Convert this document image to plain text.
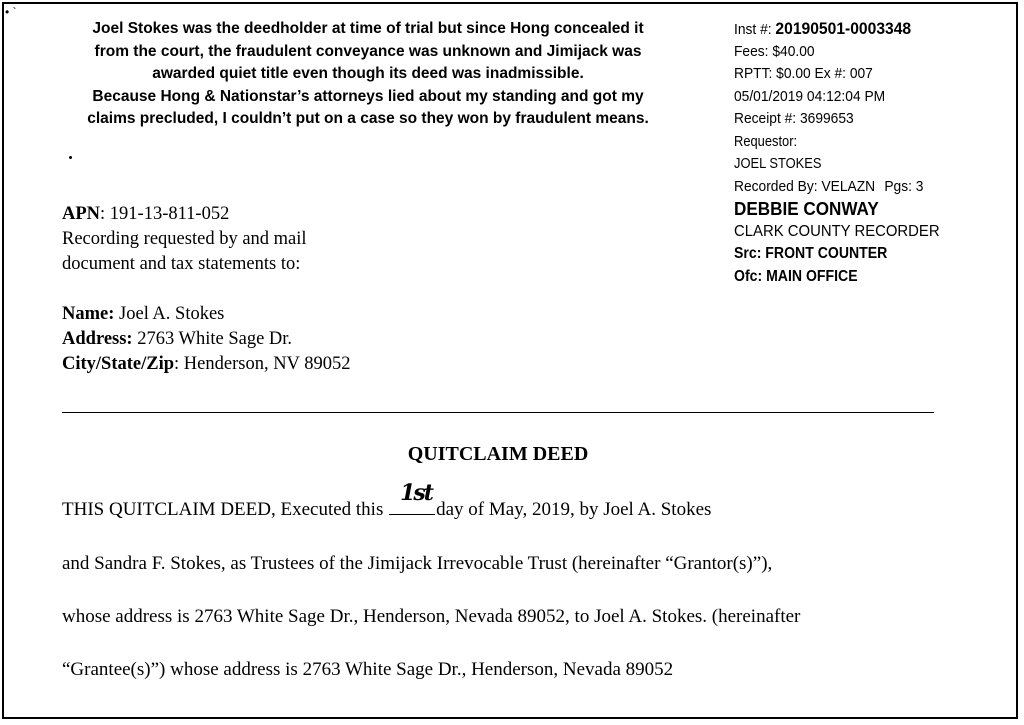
• `
Joel Stokes was the deedholder at time of trial but since Hong concealed it
from the court, the fraudulent conveyance was unknown and Jimijack was
awarded quiet title even though its deed was inadmissible.
Because Hong & Nationstar’s attorneys lied about my standing and got my
claims precluded, I couldn’t put on a case so they won by fraudulent means.
Inst #: 20190501-0003348
Fees: $40.00
RPTT: $0.00 Ex #: 007
05/01/2019 04:12:04 PM
Receipt #: 3699653
Requestor:
JOEL STOKES
Recorded By: VELAZN Pgs: 3
DEBBIE CONWAY
CLARK COUNTY RECORDER
Src: FRONT COUNTER
Ofc: MAIN OFFICE
APN: 191-13-811-052
Recording requested by and mail
document and tax statements to:
Name: Joel A. Stokes
Address: 2763 White Sage Dr.
City/State/Zip: Henderson, NV 89052
QUITCLAIM DEED
THIS QUITCLAIM DEED, Executed this
1st
day of May, 2019, by Joel A. Stokes
and Sandra F. Stokes, as Trustees of the Jimijack Irrevocable Trust (hereinafter “Grantor(s)”),
whose address is 2763 White Sage Dr., Henderson, Nevada 89052, to Joel A. Stokes. (hereinafter
“Grantee(s)”) whose address is 2763 White Sage Dr., Henderson, Nevada 89052
